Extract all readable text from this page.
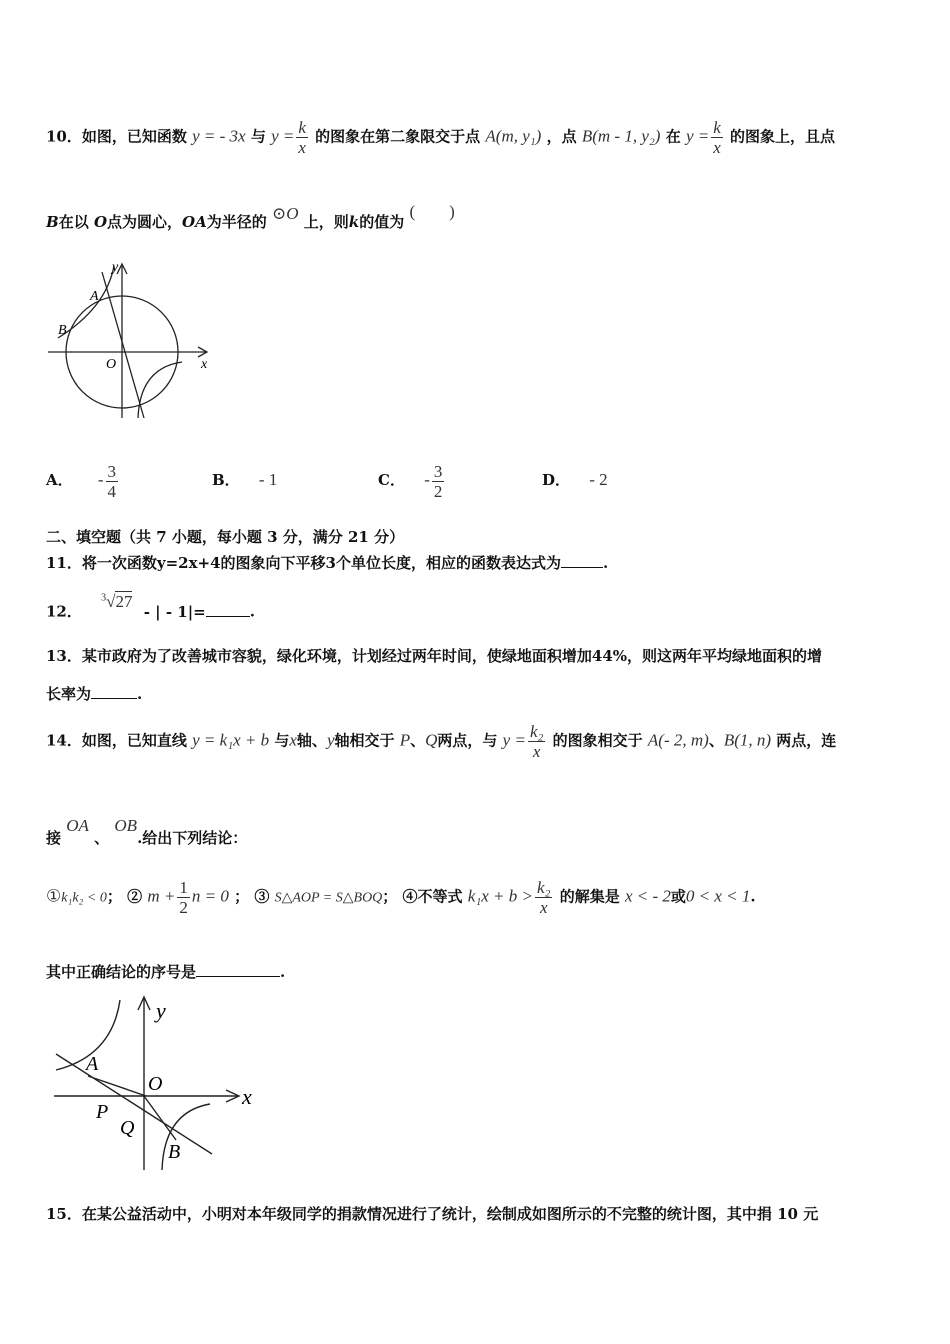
10．如图，已知函数 y = - 3x 与 $y = \frac{k}{x}$ 的图象在第二象限交于点 A(m, y₁) ，点 B(m - 1, y₂) 在 $y = \frac{k}{x}$ 的图象上，且点
B在以 O点为圆心，OA为半径的 ⊙O 上，则k的值为 (        )
y
A
B
O	x
A． - $\frac{3}{4}$	B． - 1	C． - $\frac{3}{2}$	D． - 2
二、填空题（共 7 小题，每小题 3 分，满分 21 分）
11．将一次函数y=2x+4的图象向下平移3个单位长度，相应的函数表达式为	.
12． $^3$√27 - | - 1|=	.
13．某市政府为了改善城市容貌，绿化环境，计划经过两年时间，使绿地面积增加44%，则这两年平均绿地面积的增
长率为	.
14．如图，已知直线 y = k₁x + b 与x轴、y轴相交于 P、Q两点，与 $y = \frac{\text{k₂}}{x}$ 的图象相交于 A(- 2, m)、B(1, n) 两点，连
接 OA 、 OB.给出下列结论：
①k₁k₂ < 0； ② $m + \frac{1}{2}$ n = 0 ； ③ S△AOP = S△BOQ； ④不等式 $k_1x + b > \frac{\text{k₂}}{x}$ 的解集是 x < - 2或0 < x < 1.
其中正确结论的序号是	.
y
A
O	x
P
Q
B
15．在某公益活动中，小明对本年级同学的捐款情况进行了统计，绘制成如图所示的不完整的统计图，其中捐 10 元
